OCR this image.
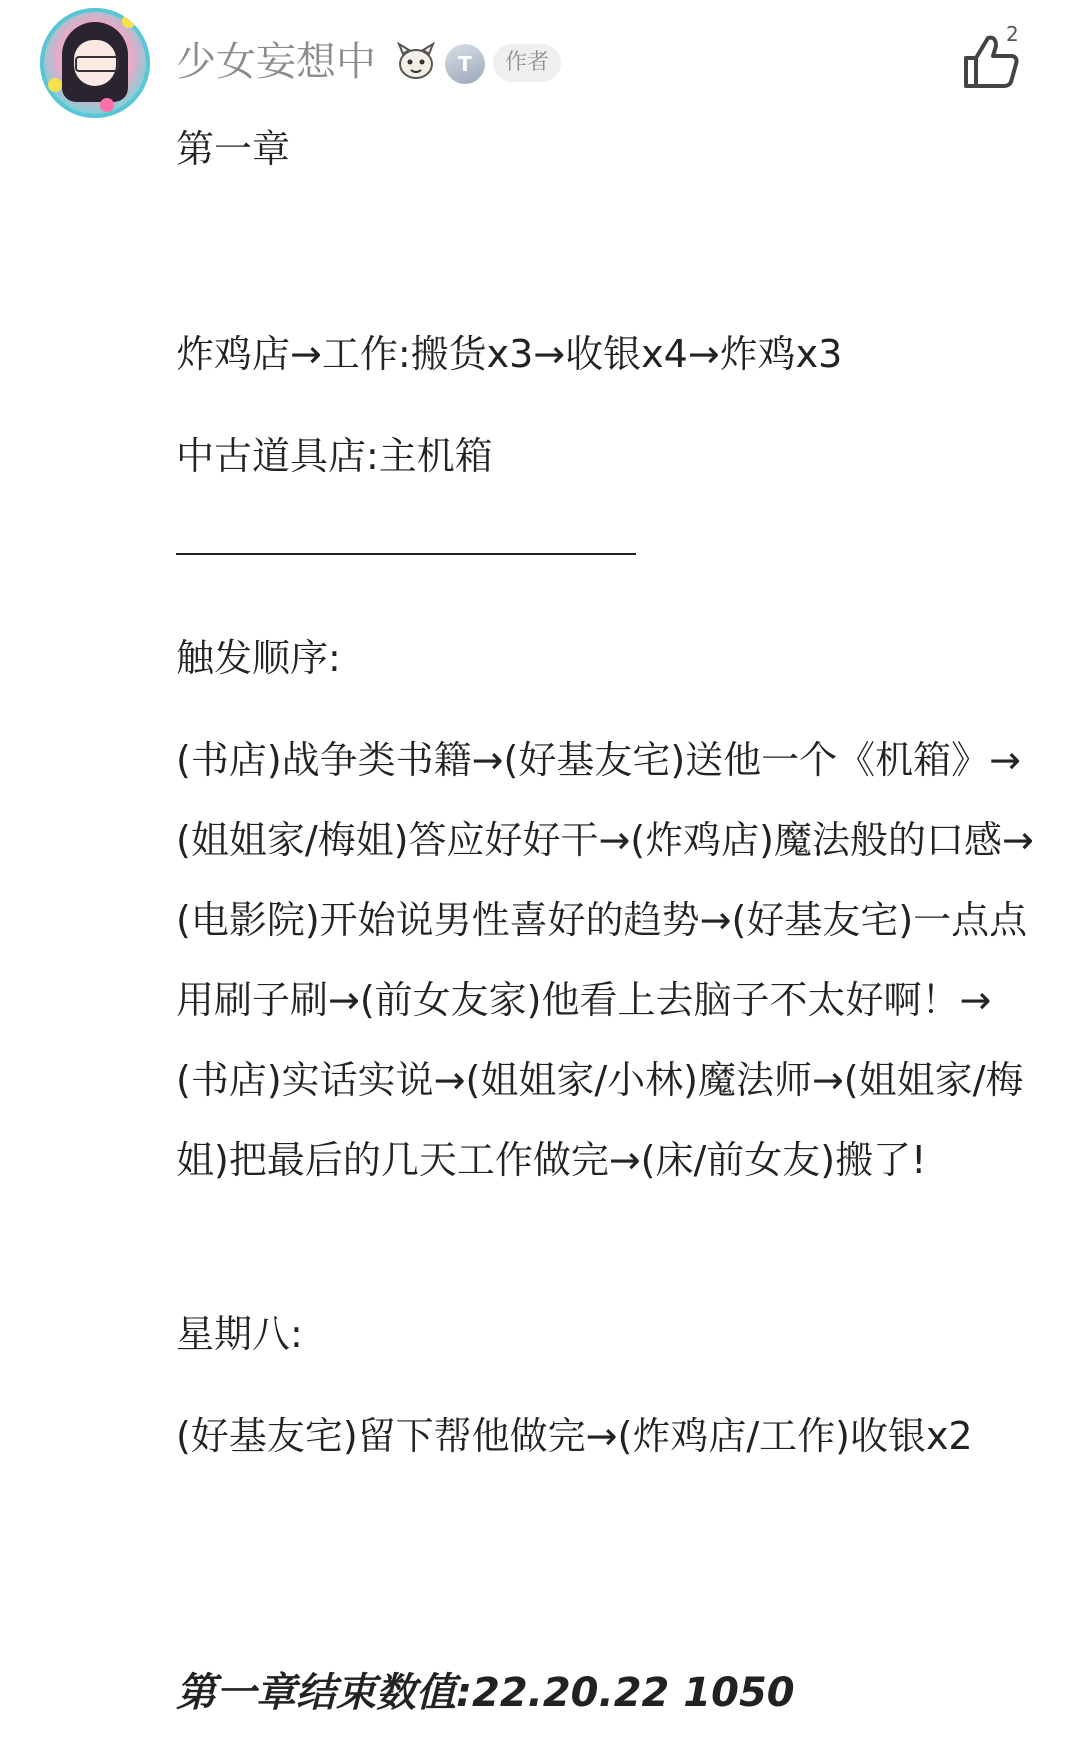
少女妄想中	T	作者
2
第一章
炸鸡店→工作:搬货x3→收银x4→炸鸡x3
中古道具店:主机箱
触发顺序:
(书店)战争类书籍→(好基友宅)送他一个《机箱》→(姐姐家/梅姐)答应好好干→(炸鸡店)魔法般的口感→(电影院)开始说男性喜好的趋势→(好基友宅)一点点用刷子刷→(前女友家)他看上去脑子不太好啊！→(书店)实话实说→(姐姐家/小林)魔法师→(姐姐家/梅姐)把最后的几天工作做完→(床/前女友)搬了!
星期八:
(好基友宅)留下帮他做完→(炸鸡店/工作)收银x2
第一章结束数值:22.20.22 1050
